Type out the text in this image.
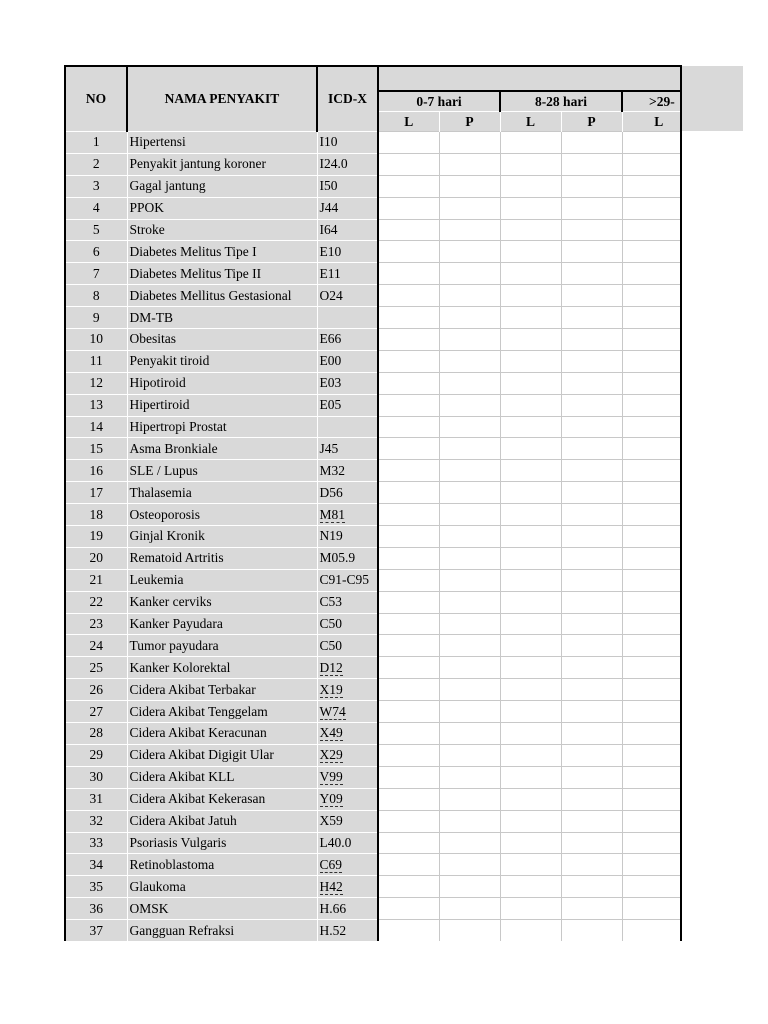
NO	NAMA PENYAKIT	ICD-X					
			0-7 hari		8-28 hari		>29-
			L	P	L	P	L
1	Hipertensi	I10					
2	Penyakit jantung koroner	I24.0					
3	Gagal jantung	I50					
4	PPOK	J44					
5	Stroke	I64					
6	Diabetes Melitus Tipe I	E10					
7	Diabetes Melitus Tipe II	E11					
8	Diabetes Mellitus Gestasional	O24					
9	DM-TB						
10	Obesitas	E66					
11	Penyakit tiroid	E00					
12	Hipotiroid	E03					
13	Hipertiroid	E05					
14	Hipertropi Prostat						
15	Asma Bronkiale	J45					
16	SLE / Lupus	M32					
17	Thalasemia	D56					
18	Osteoporosis	M81					
19	Ginjal Kronik	N19					
20	Rematoid Artritis	M05.9					
21	Leukemia	C91-C95					
22	Kanker cerviks	C53					
23	Kanker Payudara	C50					
24	Tumor payudara	C50					
25	Kanker Kolorektal	D12					
26	Cidera Akibat Terbakar	X19					
27	Cidera Akibat Tenggelam	W74					
28	Cidera Akibat Keracunan	X49					
29	Cidera Akibat Digigit Ular	X29					
30	Cidera Akibat KLL	V99					
31	Cidera Akibat Kekerasan	Y09					
32	Cidera Akibat Jatuh	X59					
33	Psoriasis Vulgaris	L40.0					
34	Retinoblastoma	C69					
35	Glaukoma	H42					
36	OMSK	H.66					
37	Gangguan Refraksi	H.52					
